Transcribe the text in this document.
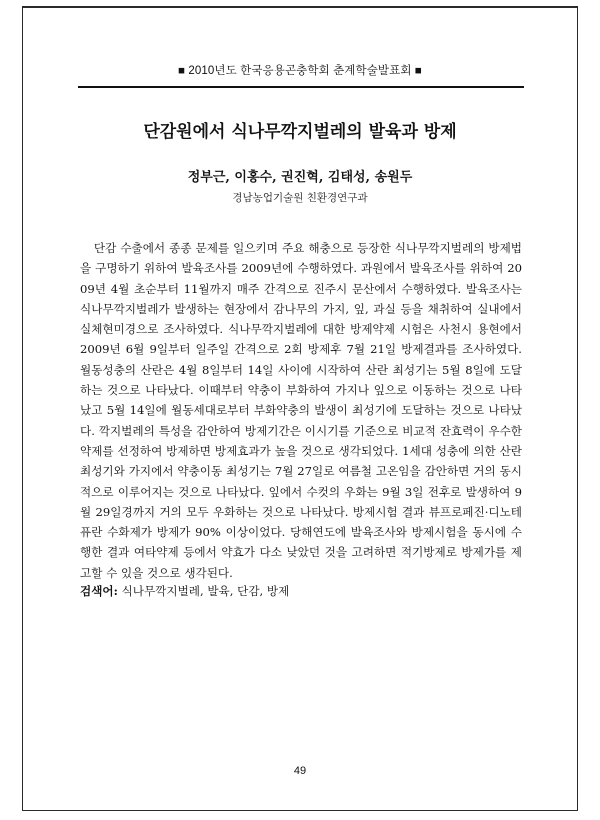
■ 2010년도 한국응용곤충학회 춘계학술발표회 ■
단감원에서 식나무깍지벌레의 발육과 방제
정부근, 이홍수, 권진혁, 김태성, 송원두
경남농업기술원 친환경연구과

단감 수출에서 종종 문제를 일으키며 주요 해충으로 등장한 식나무깍지벌레의 방제법을 구명하기 위하여 발육조사를 2009년에 수행하였다. 과원에서 발육조사를 위하여 2009년 4월 초순부터 11월까지 매주 간격으로 진주시 문산에서 수행하였다. 발육조사는 식나무깍지벌레가 발생하는 현장에서 감나무의 가지, 잎, 과실 등을 채취하여 실내에서 실체현미경으로 조사하였다. 식나무깍지벌레에 대한 방제약제 시험은 사천시 용현에서 2009년 6월 9일부터 일주일 간격으로 2회 방제후 7월 21일 방제결과를 조사하였다. 월동성충의 산란은 4월 8일부터 14일 사이에 시작하여 산란 최성기는 5월 8일에 도달하는 것으로 나타났다. 이때부터 약충이 부화하여 가지나 잎으로 이동하는 것으로 나타났고 5월 14일에 월동세대로부터 부화약충의 발생이 최성기에 도달하는 것으로 나타났다. 깍지벌레의 특성을 감안하여 방제기간은 이시기를 기준으로 비교적 잔효력이 우수한 약제를 선정하여 방제하면 방제효과가 높을 것으로 생각되었다. 1세대 성충에 의한 산란최성기와 가지에서 약충이동 최성기는 7월 27일로 여름철 고온임을 감안하면 거의 동시적으로 이루어지는 것으로 나타났다. 잎에서 수컷의 우화는 9월 3일 전후로 발생하여 9월 29일경까지 거의 모두 우화하는 것으로 나타났다. 방제시험 결과 뷰프로페진·디노테퓨란 수화제가 방제가 90% 이상이었다. 당해연도에 발육조사와 방제시험을 동시에 수행한 결과 여타약제 등에서 약효가 다소 낮았던 것을 고려하면 적기방제로 방제가를 제고할 수 있을 것으로 생각된다.

검색어: 식나무깍지벌레, 발육, 단감, 방제
49
